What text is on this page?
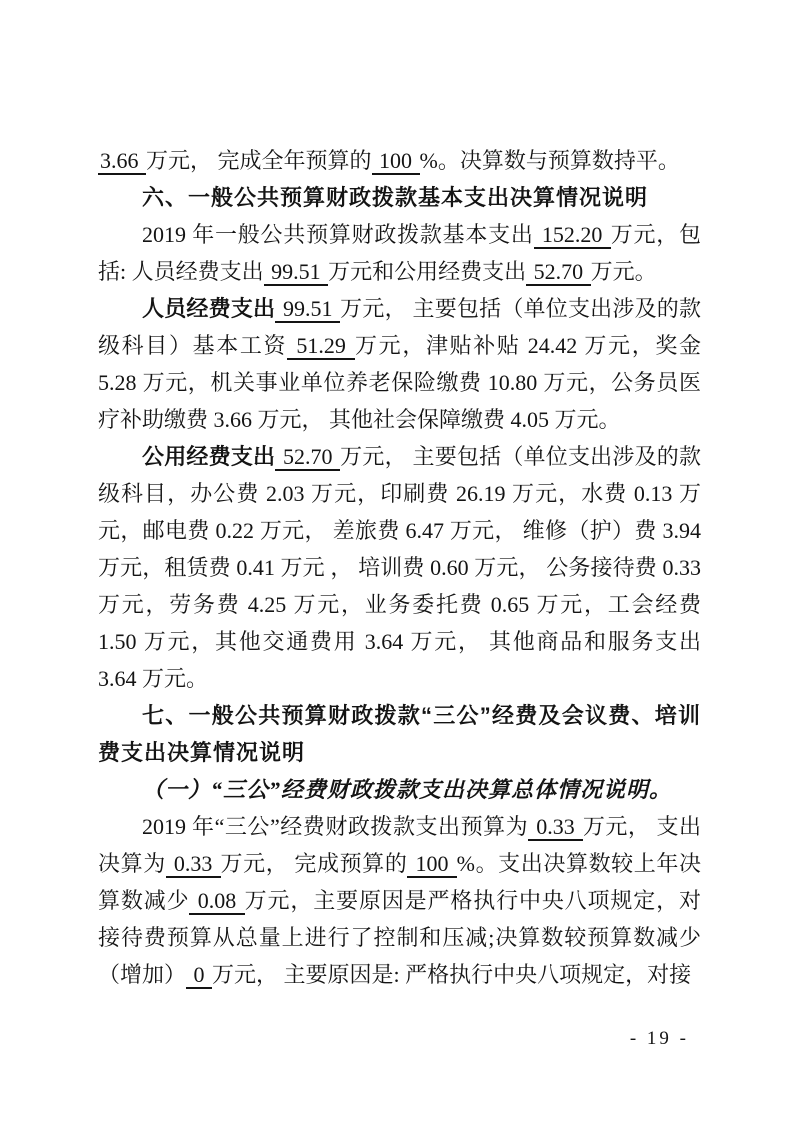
3.66 万元， 完成全年预算的 100 %。决算数与预算数持平。

六、一般公共预算财政拨款基本支出决算情况说明

2019 年一般公共预算财政拨款基本支出 152.20 万元，包括: 人员经费支出 99.51 万元和公用经费支出 52.70 万元。

人员经费支出 99.51 万元， 主要包括（单位支出涉及的款级科目）基本工资 51.29 万元，津贴补贴 24.42 万元，奖金 5.28 万元，机关事业单位养老保险缴费 10.80 万元，公务员医疗补助缴费 3.66 万元， 其他社会保障缴费 4.05 万元。

公用经费支出 52.70 万元， 主要包括（单位支出涉及的款级科目，办公费 2.03 万元，印刷费 26.19 万元，水费 0.13 万元，邮电费 0.22 万元， 差旅费 6.47 万元， 维修（护）费 3.94 万元，租赁费 0.41 万元 ， 培训费 0.60 万元， 公务接待费 0.33 万元，劳务费 4.25 万元，业务委托费 0.65 万元，工会经费 1.50 万元，其他交通费用 3.64 万元， 其他商品和服务支出 3.64 万元。

七、一般公共预算财政拨款“三公”经费及会议费、培训费支出决算情况说明

（一）“三公”经费财政拨款支出决算总体情况说明。

2019 年“三公”经费财政拨款支出预算为 0.33 万元， 支出决算为 0.33 万元， 完成预算的 100 %。支出决算数较上年决算数减少 0.08 万元，主要原因是严格执行中央八项规定，对接待费预算从总量上进行了控制和压减;决算数较预算数减少（增加） 0 万元， 主要原因是: 严格执行中央八项规定，对接

- 19 -
